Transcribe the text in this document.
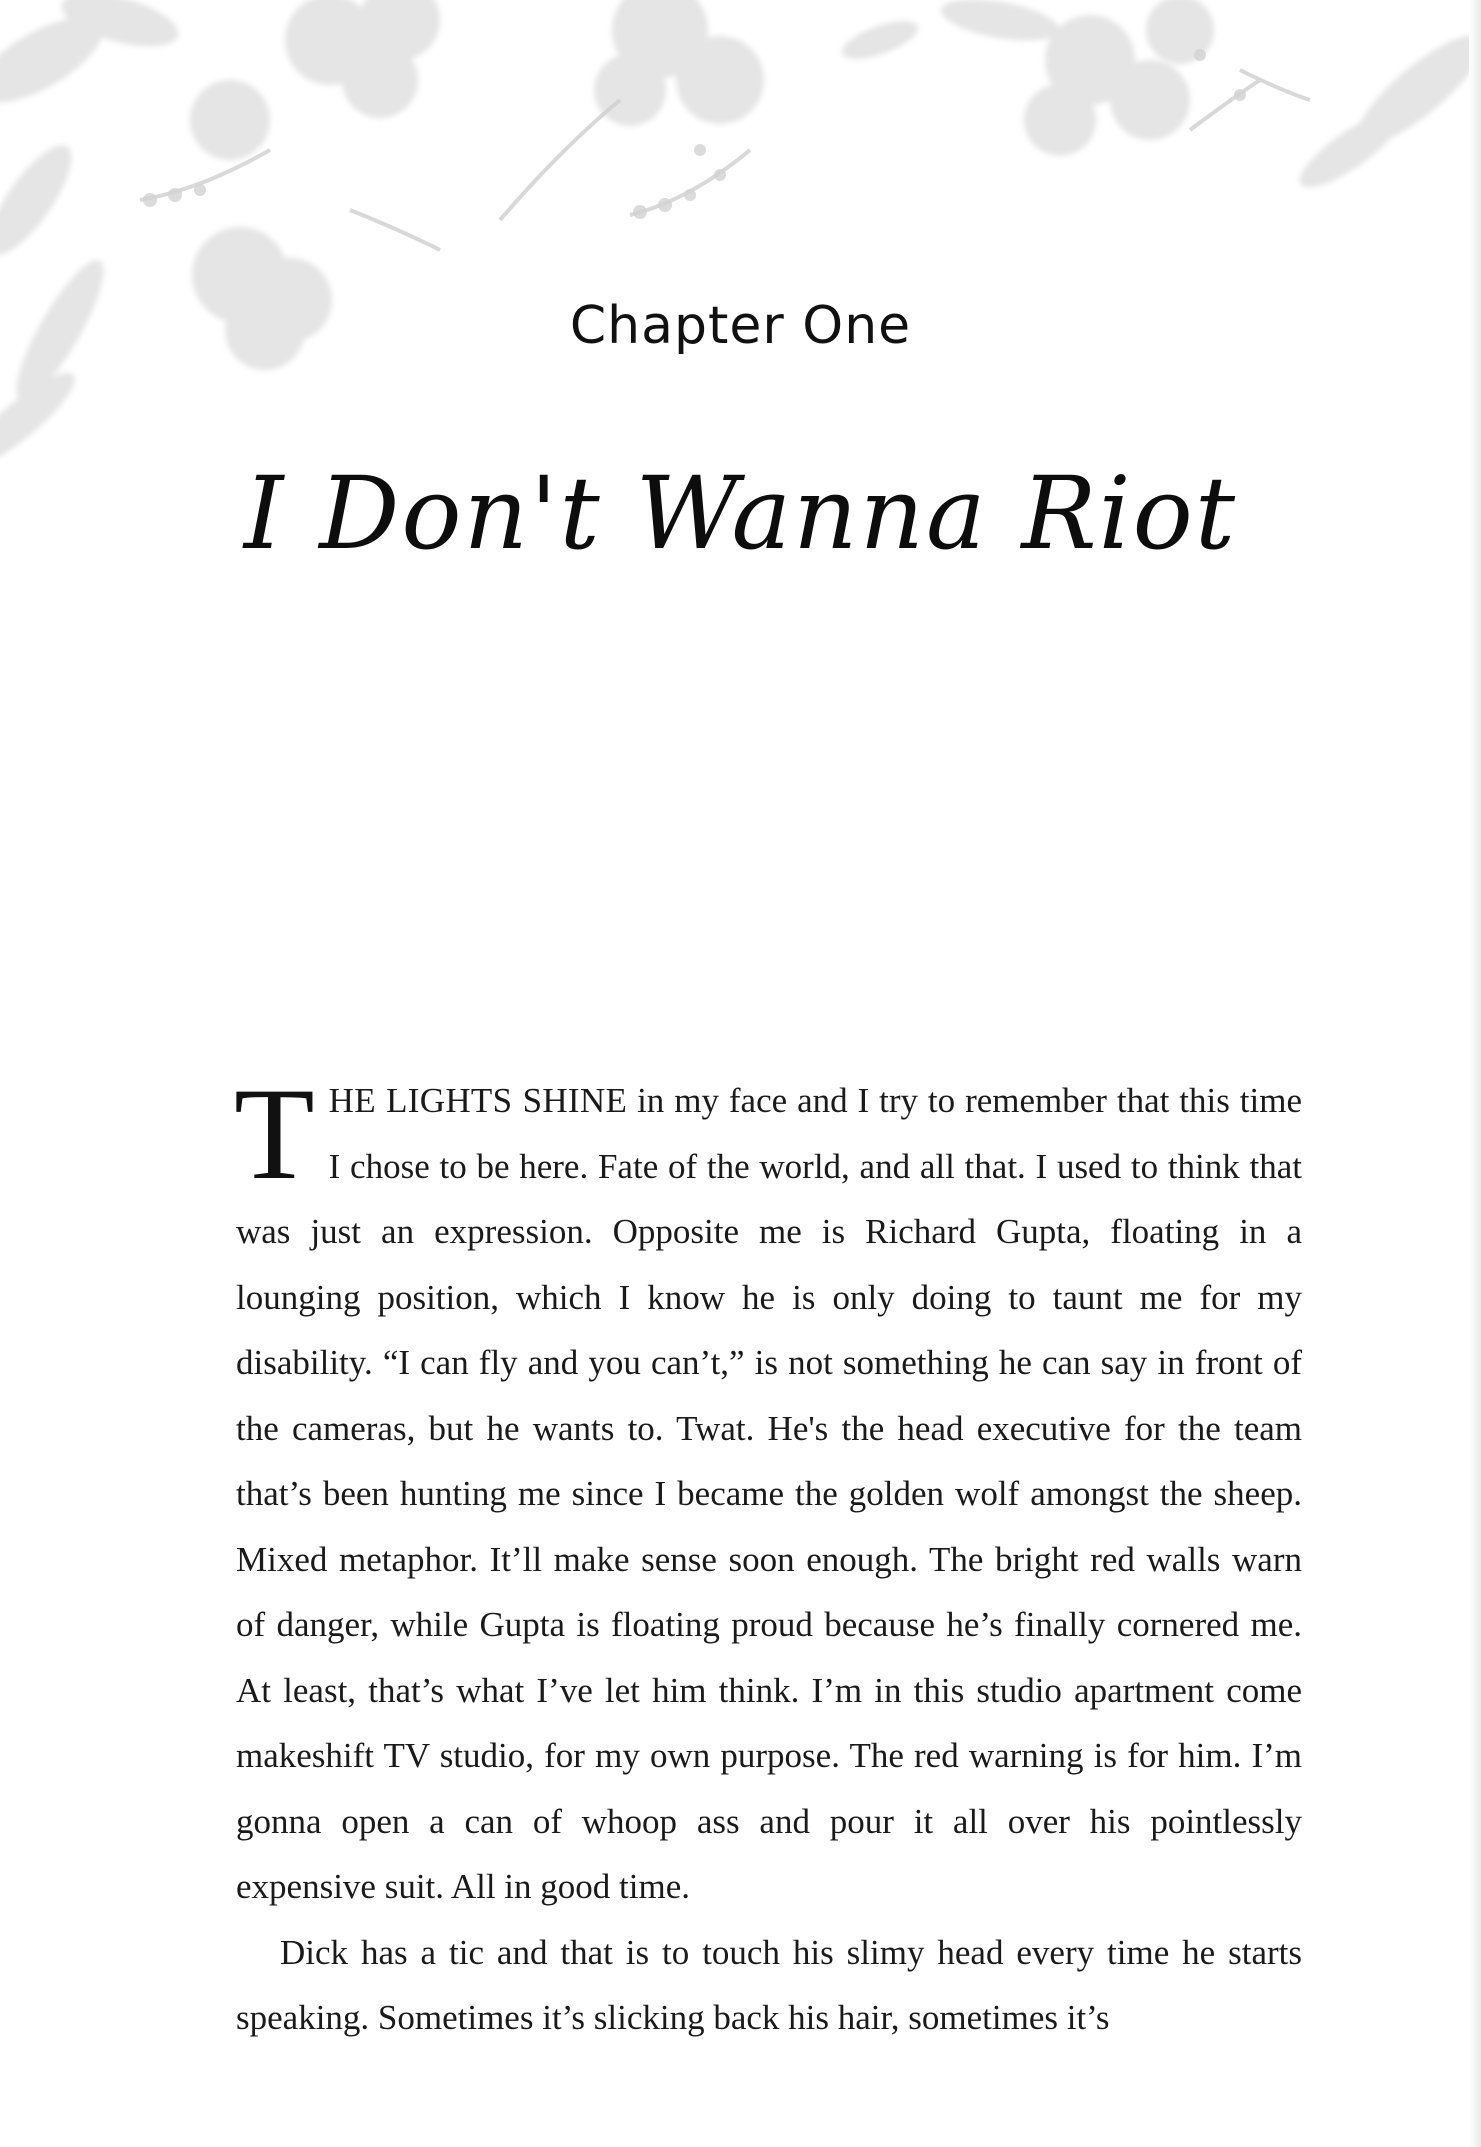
Chapter One
I Don't Wanna Riot

THE LIGHTS SHINE in my face and I try to remember that this time I chose to be here. Fate of the world, and all that. I used to think that was just an expression. Opposite me is Richard Gupta, floating in a lounging position, which I know he is only doing to taunt me for my disability. “I can fly and you can’t,” is not something he can say in front of the cameras, but he wants to. Twat. He's the head executive for the team that’s been hunting me since I became the golden wolf amongst the sheep. Mixed metaphor. It’ll make sense soon enough. The bright red walls warn of danger, while Gupta is floating proud because he’s finally cornered me. At least, that’s what I’ve let him think. I’m in this studio apartment come makeshift TV studio, for my own purpose. The red warning is for him. I’m gonna open a can of whoop ass and pour it all over his pointlessly expensive suit. All in good time.

Dick has a tic and that is to touch his slimy head every time he starts speaking. Sometimes it’s slicking back his hair, sometimes it’s
